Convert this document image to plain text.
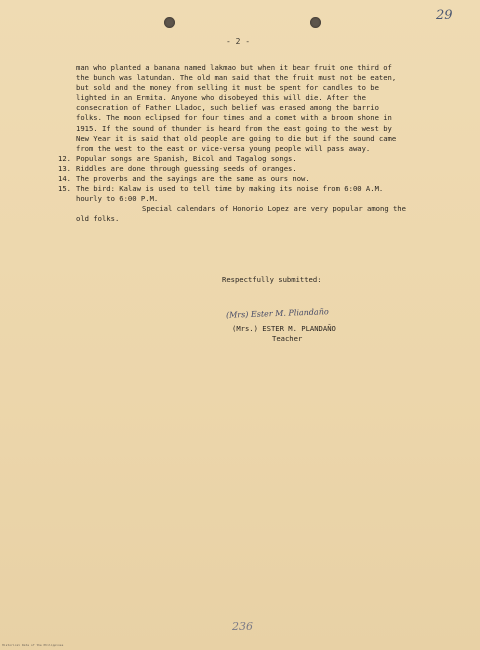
29
- 2 -

man who planted a banana named lakmao but when it bear fruit one third of the bunch was latundan. The old man said that the fruit must not be eaten, but sold and the money from selling it must be spent for candles to be lighted in an Ermita. Anyone who disobeyed this will die. After the consecration of Father Lladoc, such belief was erased among the barrio folks. The moon eclipsed for four times and a comet with a broom shone in 1915. If the sound of thunder is heard from the east going to the west by New Year it is said that old people are going to die but if the sound came from the west to the east or vice-versa young people will pass away.

12. Popular songs are Spanish, Bicol and Tagalog songs.
13. Riddles are done through guessing seeds of oranges.
14. The proverbs and the sayings are the same as ours now.
15. The bird: Kalaw is used to tell time by making its noise from 6:00 A.M. hourly to 6:00 P.M.

Special calendars of Honorio Lopez are very popular among the old folks.

Respectfully submitted:
(Mrs) Ester M. Pliandaño
(Mrs.) ESTER M. PLANDAÑO
Teacher
236
Historical Data of the Philippines
